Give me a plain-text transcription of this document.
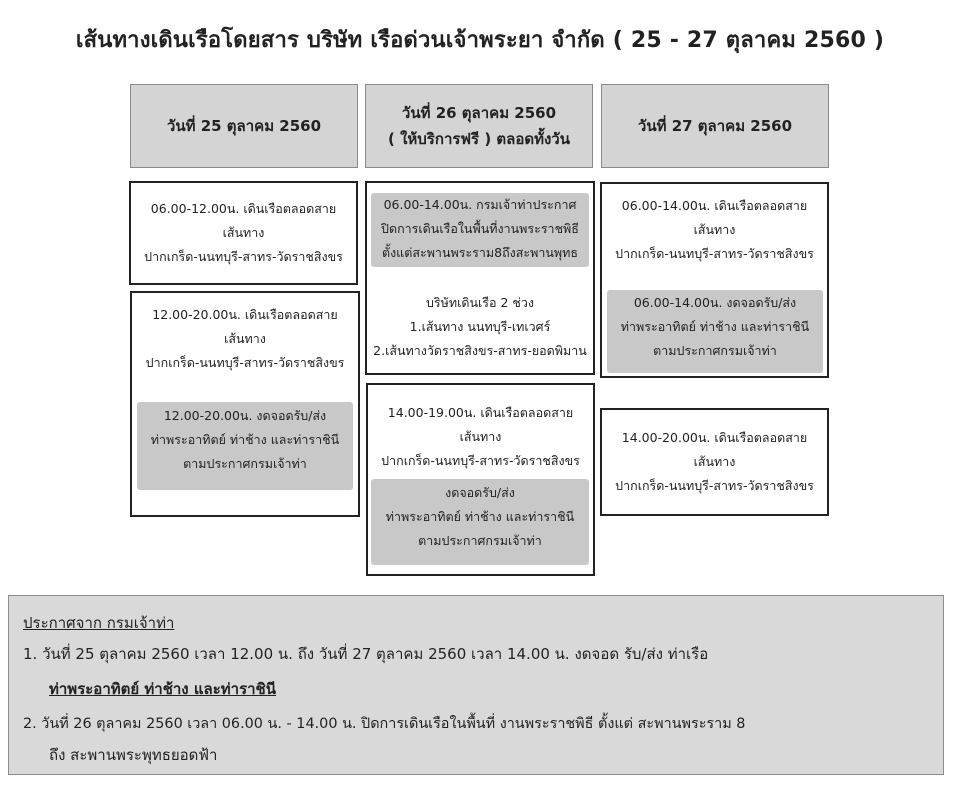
เส้นทางเดินเรือโดยสาร บริษัท เรือด่วนเจ้าพระยา จำกัด ( 25 - 27 ตุลาคม 2560 )
วันที่ 25 ตุลาคม 2560
วันที่ 26 ตุลาคม 2560
( ให้บริการฟรี ) ตลอดทั้งวัน
วันที่ 27 ตุลาคม 2560
06.00-12.00น. เดินเรือตลอดสาย
เส้นทาง
ปากเกร็ด-นนทบุรี-สาทร-วัดราชสิงขร
12.00-20.00น. เดินเรือตลอดสาย
เส้นทาง
ปากเกร็ด-นนทบุรี-สาทร-วัดราชสิงขร
12.00-20.00น. งดจอดรับ/ส่ง
ท่าพระอาทิตย์ ท่าช้าง และท่าราชินี
ตามประกาศกรมเจ้าท่า
บริษัทเดินเรือ 2 ช่วง
1.เส้นทาง นนทบุรี-เทเวศร์
2.เส้นทางวัดราชสิงขร-สาทร-ยอดพิมาน
06.00-14.00น. กรมเจ้าท่าประกาศ
ปิดการเดินเรือในพื้นที่งานพระราชพิธี
ตั้งแต่สะพานพระราม8ถึงสะพานพุทธ
14.00-19.00น. เดินเรือตลอดสาย
เส้นทาง
ปากเกร็ด-นนทบุรี-สาทร-วัดราชสิงขร
งดจอดรับ/ส่ง
ท่าพระอาทิตย์ ท่าช้าง และท่าราชินี
ตามประกาศกรมเจ้าท่า
06.00-14.00น. เดินเรือตลอดสาย
เส้นทาง
ปากเกร็ด-นนทบุรี-สาทร-วัดราชสิงขร
06.00-14.00น. งดจอดรับ/ส่ง
ท่าพระอาทิตย์ ท่าช้าง และท่าราชินี
ตามประกาศกรมเจ้าท่า
14.00-20.00น. เดินเรือตลอดสาย
เส้นทาง
ปากเกร็ด-นนทบุรี-สาทร-วัดราชสิงขร
ประกาศจาก กรมเจ้าท่า
1. วันที่ 25 ตุลาคม 2560 เวลา 12.00 น. ถึง วันที่ 27 ตุลาคม 2560 เวลา 14.00 น. งดจอด รับ/ส่ง ท่าเรือ
ท่าพระอาทิตย์ ท่าช้าง และท่าราชินี
2. วันที่ 26 ตุลาคม 2560 เวลา 06.00 น. - 14.00 น. ปิดการเดินเรือในพื้นที่ งานพระราชพิธี ตั้งแต่ สะพานพระราม 8
ถึง สะพานพระพุทธยอดฟ้า
